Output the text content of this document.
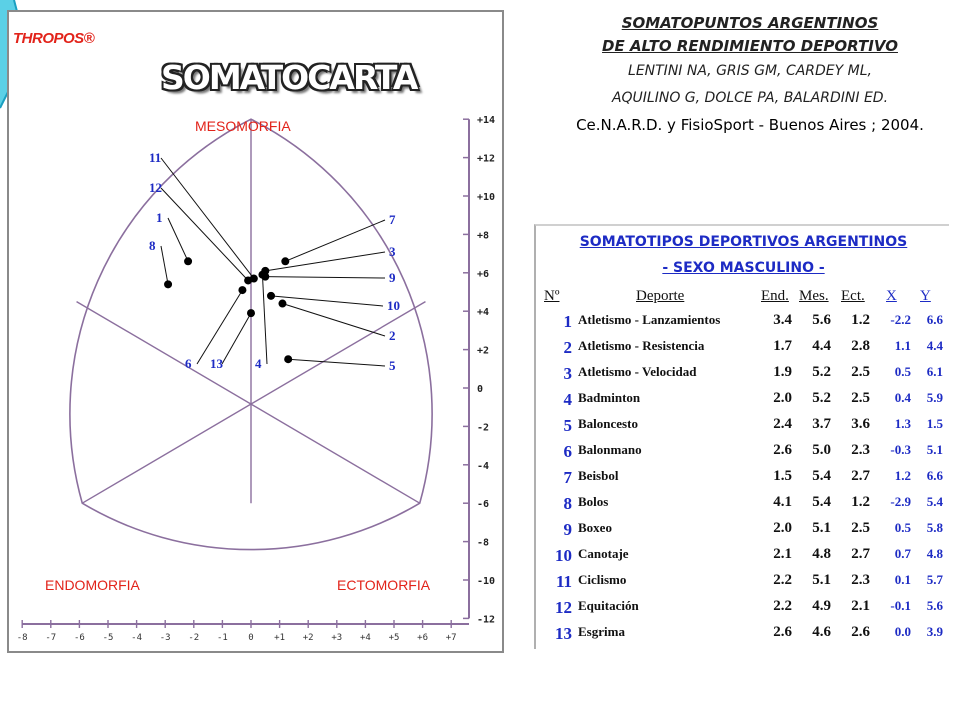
THROPOS®
SOMATOCARTA
+14
+12
+10
+8
+6
+4
+2
0
-2
-4
-6
-8
-10
-12
-8 -7 -6 -5 -4 -3 -2 -1 0 +1 +2 +3 +4 +5 +6 +7
MESOMORFIA
ENDOMORFIA	ECTOMORFIA
1
2
3
4	5
6
7
8
9
10
11
12
13
SOMATOPUNTOS ARGENTINOS
DE ALTO RENDIMIENTO DEPORTIVO
LENTINI NA, GRIS GM, CARDEY ML,
AQUILINO G, DOLCE PA, BALARDINI ED.
Ce.N.A.R.D. y FisioSport - Buenos Aires ; 2004.
SOMATOTIPOS DEPORTIVOS ARGENTINOS
- SEXO MASCULINO -
Nº	Deporte	End. Mes. Ect. X Y
1 Atletismo - Lanzamientos	3.4	5.6	1.2	-2.2	6.6
2 Atletismo - Resistencia	1.7	4.4	2.8	1.1	4.4
3 Atletismo - Velocidad	1.9	5.2	2.5	0.5	6.1
4 Badminton	2.0	5.2	2.5	0.4	5.9
5 Baloncesto	2.4	3.7	3.6	1.3	1.5
6 Balonmano	2.6	5.0	2.3	-0.3	5.1
7 Beisbol	1.5	5.4	2.7	1.2	6.6
8 Bolos	4.1	5.4	1.2	-2.9	5.4
9 Boxeo	2.0	5.1	2.5	0.5	5.8
10 Canotaje	2.1	4.8	2.7	0.7	4.8
11 Ciclismo	2.2	5.1	2.3	0.1	5.7
12 Equitación	2.2	4.9	2.1	-0.1	5.6
13 Esgrima	2.6	4.6	2.6	0.0	3.9
